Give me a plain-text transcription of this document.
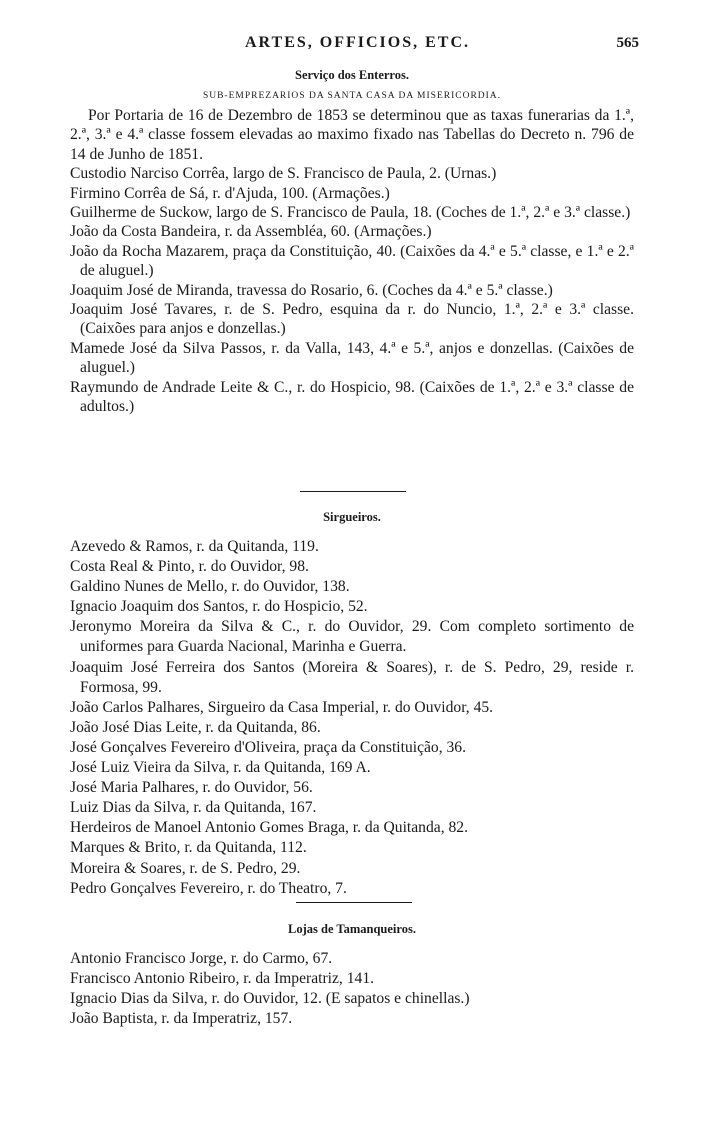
ARTES, OFFICIOS, ETC.	565
Serviço dos Enterros.
SUB-EMPREZARIOS DA SANTA CASA DA MISERICORDIA.

Por Portaria de 16 de Dezembro de 1853 se determinou que as taxas funerarias da 1.ª, 2.ª, 3.ª e 4.ª classe fossem elevadas ao maximo fixado nas Tabellas do Decreto n. 796 de 14 de Junho de 1851.

Custodio Narciso Corrêa, largo de S. Francisco de Paula, 2. (Urnas.)

Firmino Corrêa de Sá, r. d'Ajuda, 100. (Armações.)

Guilherme de Suckow, largo de S. Francisco de Paula, 18. (Coches de 1.ª, 2.ª e 3.ª classe.)

João da Costa Bandeira, r. da Assembléa, 60. (Armações.)

João da Rocha Mazarem, praça da Constituição, 40. (Caixões da 4.ª e 5.ª classe, e 1.ª e 2.ª de aluguel.)

Joaquim José de Miranda, travessa do Rosario, 6. (Coches da 4.ª e 5.ª classe.)

Joaquim José Tavares, r. de S. Pedro, esquina da r. do Nuncio, 1.ª, 2.ª e 3.ª classe. (Caixões para anjos e donzellas.)

Mamede José da Silva Passos, r. da Valla, 143, 4.ª e 5.ª, anjos e donzellas. (Caixões de aluguel.)

Raymundo de Andrade Leite & C., r. do Hospicio, 98. (Caixões de 1.ª, 2.ª e 3.ª classe de adultos.)

Sirgueiros.

Azevedo & Ramos, r. da Quitanda, 119.

Costa Real & Pinto, r. do Ouvidor, 98.

Galdino Nunes de Mello, r. do Ouvidor, 138.

Ignacio Joaquim dos Santos, r. do Hospicio, 52.

Jeronymo Moreira da Silva & C., r. do Ouvidor, 29. Com completo sortimento de uniformes para Guarda Nacional, Marinha e Guerra.

Joaquim José Ferreira dos Santos (Moreira & Soares), r. de S. Pedro, 29, reside r. Formosa, 99.

João Carlos Palhares, Sirgueiro da Casa Imperial, r. do Ouvidor, 45.

João José Dias Leite, r. da Quitanda, 86.

José Gonçalves Fevereiro d'Oliveira, praça da Constituição, 36.

José Luiz Vieira da Silva, r. da Quitanda, 169 A.

José Maria Palhares, r. do Ouvidor, 56.

Luiz Dias da Silva, r. da Quitanda, 167.

Herdeiros de Manoel Antonio Gomes Braga, r. da Quitanda, 82.

Marques & Brito, r. da Quitanda, 112.

Moreira & Soares, r. de S. Pedro, 29.

Pedro Gonçalves Fevereiro, r. do Theatro, 7.

Lojas de Tamanqueiros.

Antonio Francisco Jorge, r. do Carmo, 67.

Francisco Antonio Ribeiro, r. da Imperatriz, 141.

Ignacio Dias da Silva, r. do Ouvidor, 12. (E sapatos e chinellas.)

João Baptista, r. da Imperatriz, 157.
